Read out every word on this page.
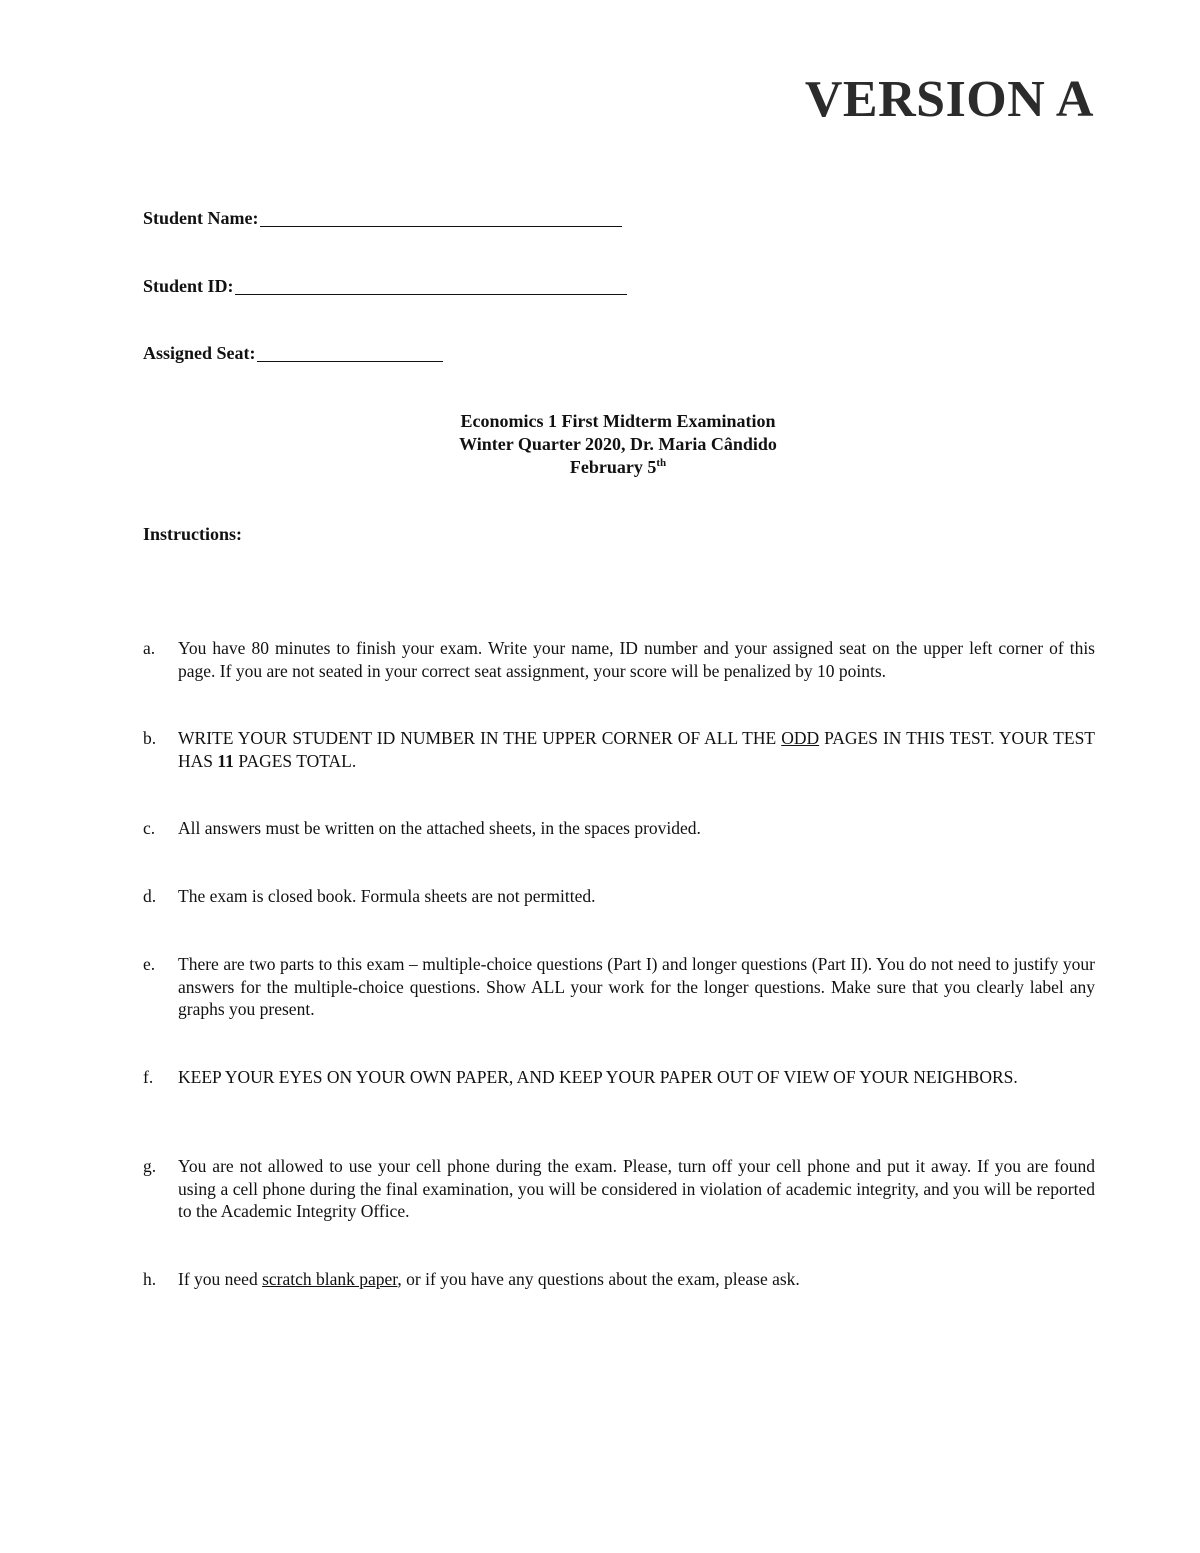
VERSION A
Student Name:
Student ID:
Assigned Seat:
Economics 1 First Midterm Examination
Winter Quarter 2020, Dr. Maria Cândido
February 5th
Instructions:
a.	You have 80 minutes to finish your exam. Write your name, ID number and your assigned seat on the upper left corner of this page. If you are not seated in your correct seat assignment, your score will be penalized by 10 points.
b.	WRITE YOUR STUDENT ID NUMBER IN THE UPPER CORNER OF ALL THE ODD PAGES IN THIS TEST. YOUR TEST HAS 11 PAGES TOTAL.
c.	All answers must be written on the attached sheets, in the spaces provided.
d.	The exam is closed book. Formula sheets are not permitted.
e.	There are two parts to this exam – multiple-choice questions (Part I) and longer questions (Part II). You do not need to justify your answers for the multiple-choice questions. Show ALL your work for the longer questions. Make sure that you clearly label any graphs you present.
f.	KEEP YOUR EYES ON YOUR OWN PAPER, AND KEEP YOUR PAPER OUT OF VIEW OF YOUR NEIGHBORS.
g.	You are not allowed to use your cell phone during the exam. Please, turn off your cell phone and put it away. If you are found using a cell phone during the final examination, you will be considered in violation of academic integrity, and you will be reported to the Academic Integrity Office.
h.	If you need scratch blank paper, or if you have any questions about the exam, please ask.
